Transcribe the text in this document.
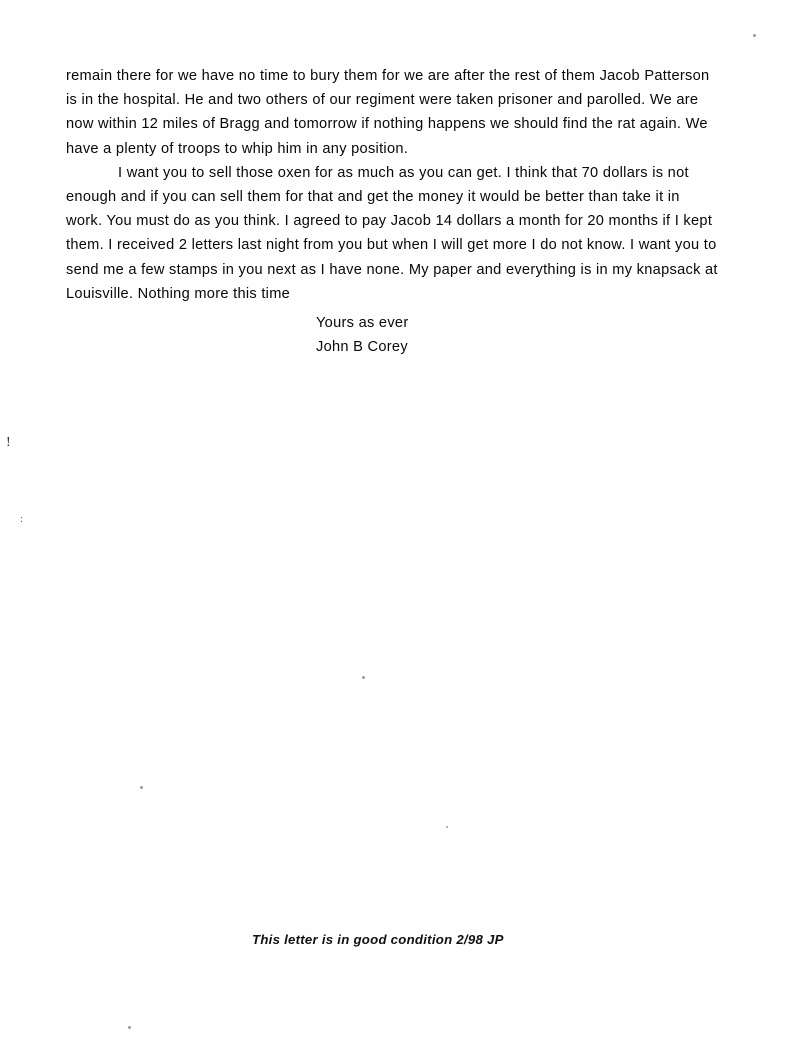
remain there for we have no time to bury them for we are after the rest of them Jacob Patterson is in the hospital. He and two others of our regiment were taken prisoner and parolled. We are now within 12 miles of Bragg and tomorrow if nothing happens we should find the rat again. We have a plenty of troops to whip him in any position.

I want you to sell those oxen for as much as you can get. I think that 70 dollars is not enough and if you can sell them for that and get the money it would be better than take it in work. You must do as you think. I agreed to pay Jacob 14 dollars a month for 20 months if I kept them. I received 2 letters last night from you but when I will get more I do not know. I want you to send me a few stamps in you next as I have none. My paper and everything is in my knapsack at Louisville. Nothing more this time

Yours as ever
John B Corey
!
:
This letter is in good condition 2/98 JP
